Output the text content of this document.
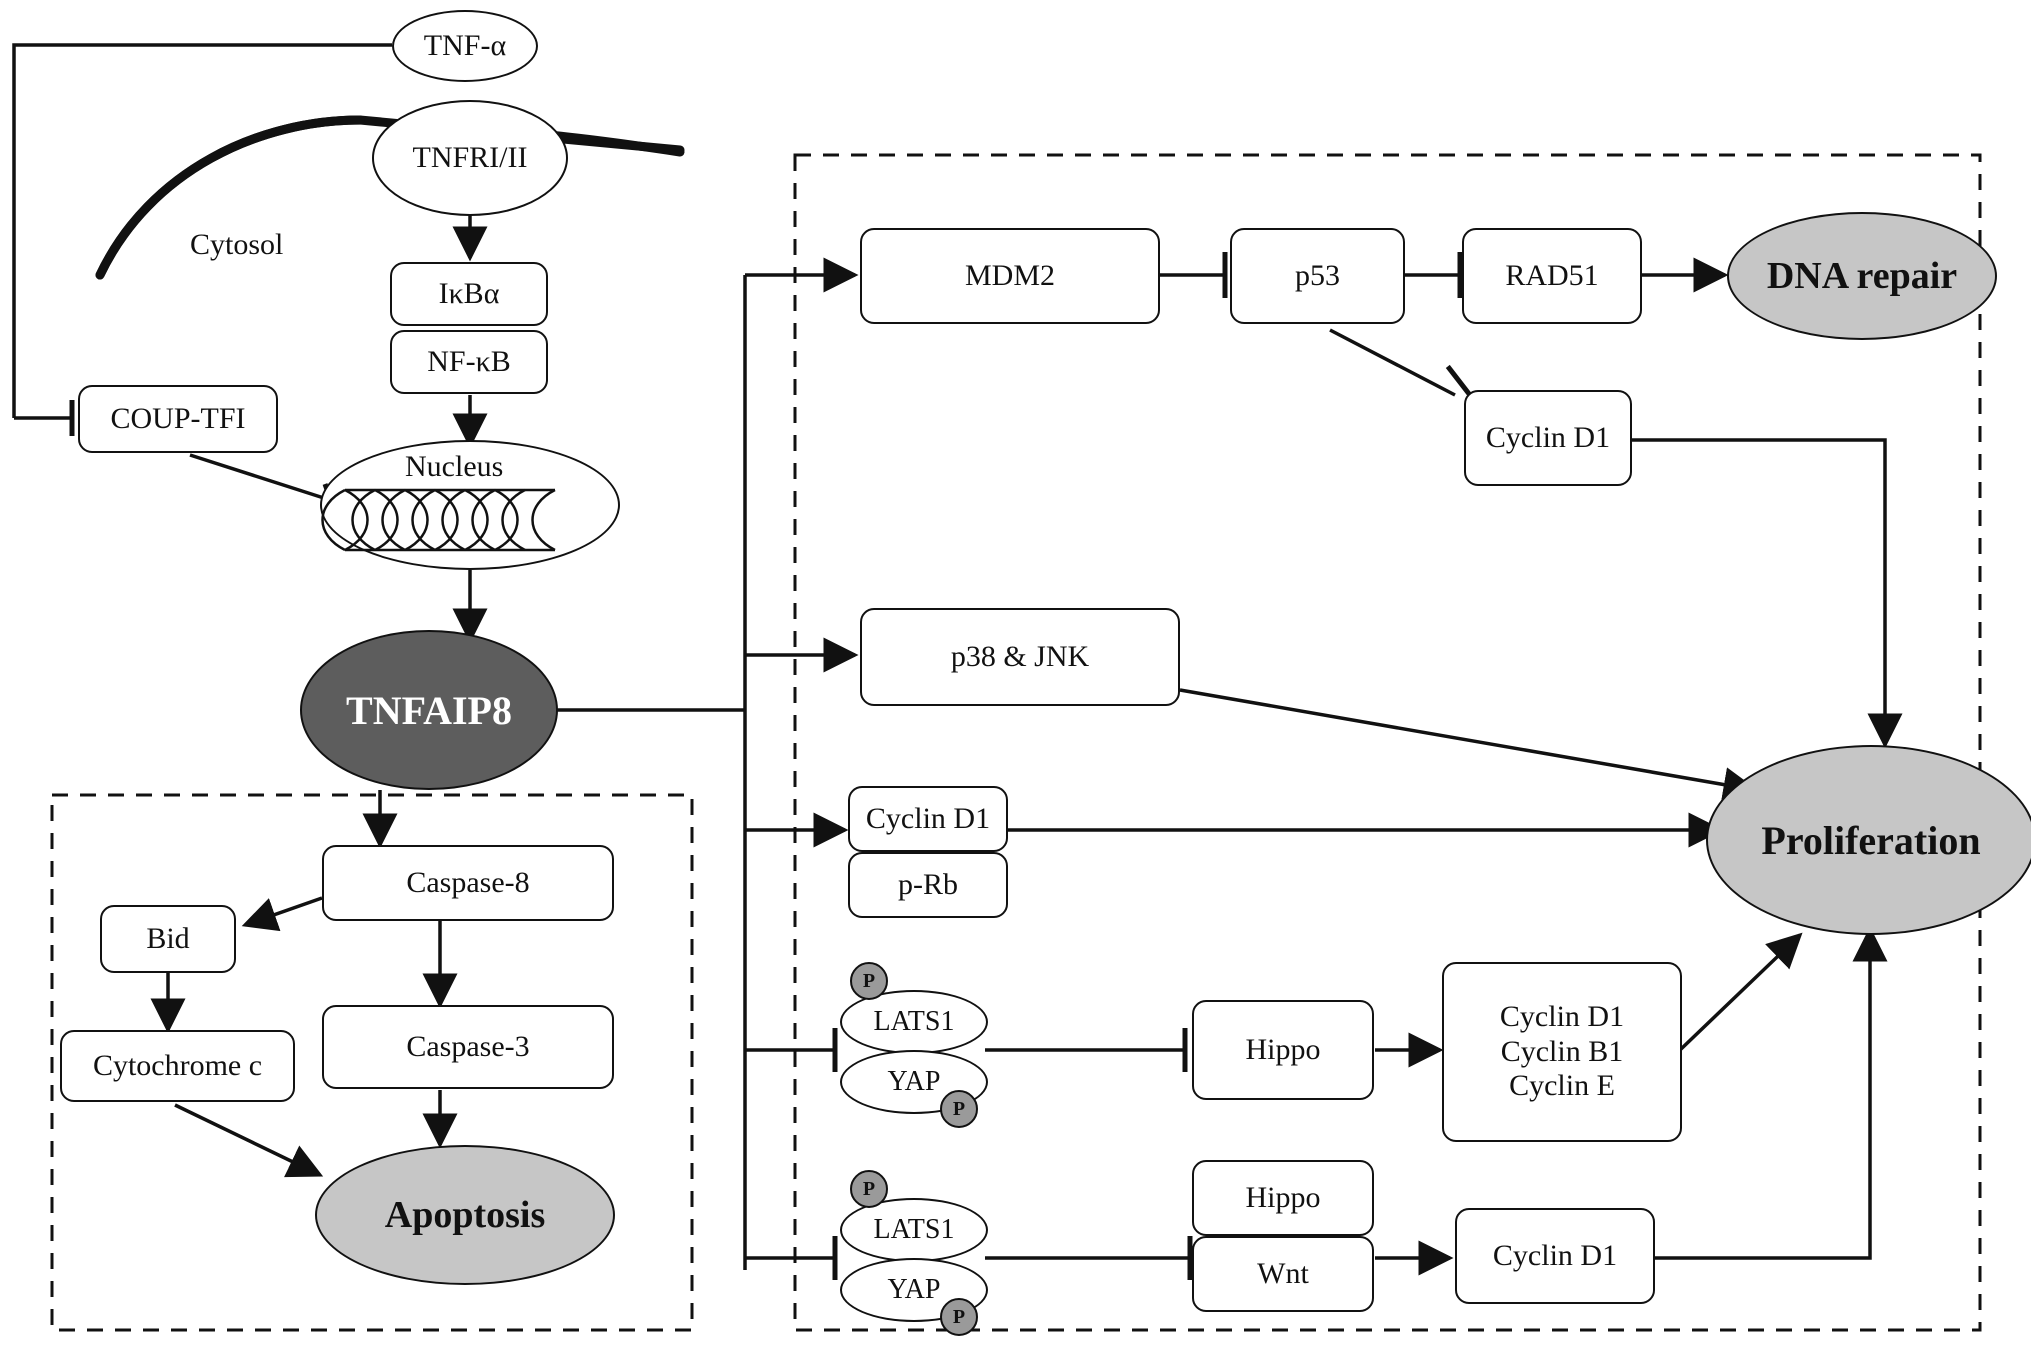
TNF-α
TNFRI/II
Cytosol
IκBα
NF-κB
COUP-TFI
Nucleus
TNFAIP8
Caspase-8
Bid
Cytochrome c
Caspase-3
Apoptosis
MDM2	p53	RAD51	DNA repair
Cyclin D1
p38 & JNK
Cyclin D1
p-Rb
LATS1
P
YAP
P
Hippo
Cyclin D1
Cyclin B1
Cyclin E
LATS1
P
YAP
P
Hippo
Wnt
Cyclin D1
Proliferation
